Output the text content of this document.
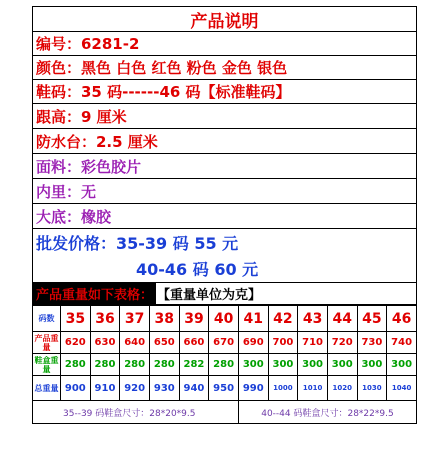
产品说明
编号：6281-2
颜色：黑色 白色 红色 粉色 金色 银色
鞋码：35 码------46 码【标准鞋码】
跟高：9 厘米
防水台：2.5 厘米
面料：彩色胶片
内里：无
大底：橡胶
批发价格：35-39 码 55 元
40-46 码 60 元
产品重量如下表格： 【重量单位为克】
码数	35	36	37	38	39	40	41	42	43	44	45	46
产品重量	620	630	640	650	660	670	690	700	710	720	730	740
鞋盒重量	280	280	280	280	282	280	300	300	300	300	300	300
总重量	900	910	920	930	940	950	990	1000	1010	1020	1030	1040
35--39 码鞋盒尺寸：28*20*9.5							40--44 码鞋盒尺寸：28*22*9.5					
